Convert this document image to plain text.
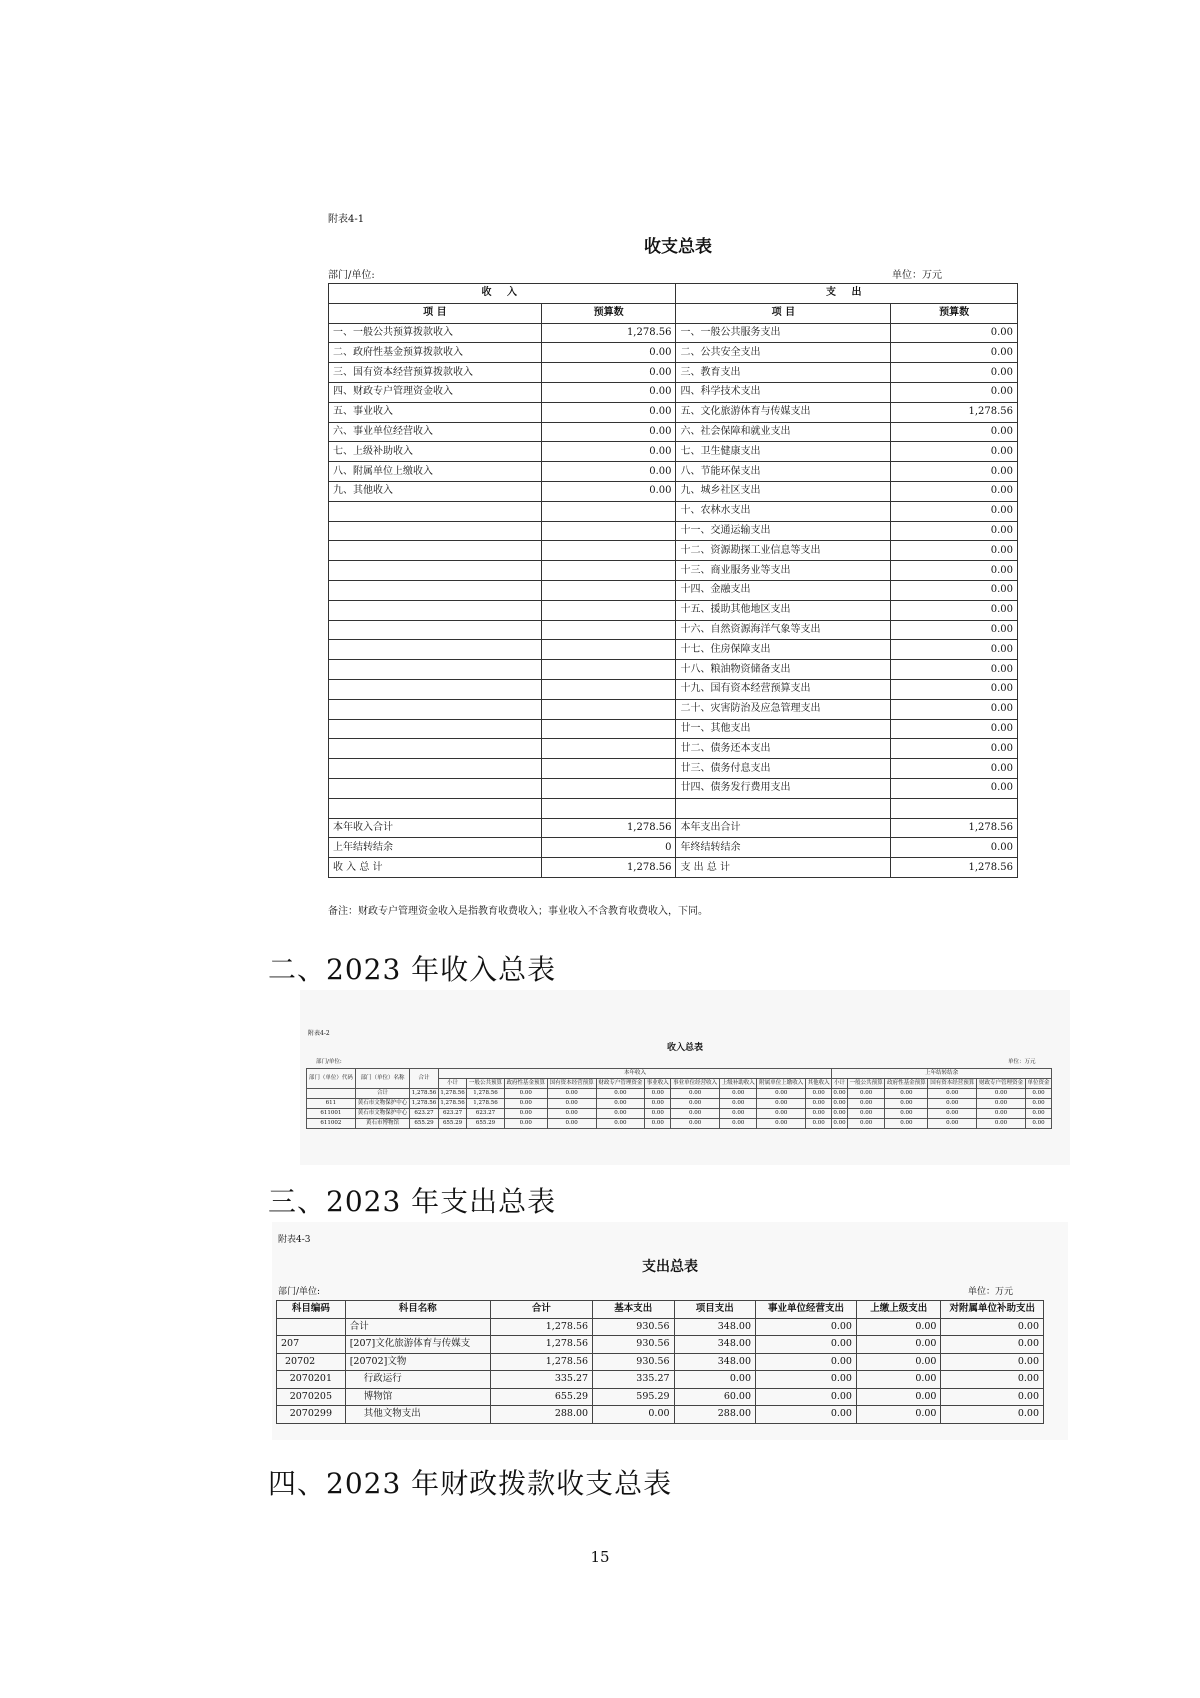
附表4-1
收支总表
部门/单位:	单位：万元
收 入		支 出	
项 目	预算数	项 目	预算数
一、一般公共预算拨款收入	1,278.56	一、一般公共服务支出	0.00
二、政府性基金预算拨款收入	0.00	二、公共安全支出	0.00
三、国有资本经营预算拨款收入	0.00	三、教育支出	0.00
四、财政专户管理资金收入	0.00	四、科学技术支出	0.00
五、事业收入	0.00	五、文化旅游体育与传媒支出	1,278.56
六、事业单位经营收入	0.00	六、社会保障和就业支出	0.00
七、上级补助收入	0.00	七、卫生健康支出	0.00
八、附属单位上缴收入	0.00	八、节能环保支出	0.00
九、其他收入	0.00	九、城乡社区支出	0.00
		十、农林水支出	0.00
		十一、交通运输支出	0.00
		十二、资源勘探工业信息等支出	0.00
		十三、商业服务业等支出	0.00
		十四、金融支出	0.00
		十五、援助其他地区支出	0.00
		十六、自然资源海洋气象等支出	0.00
		十七、住房保障支出	0.00
		十八、粮油物资储备支出	0.00
		十九、国有资本经营预算支出	0.00
		二十、灾害防治及应急管理支出	0.00
		廿一、其他支出	0.00
		廿二、债务还本支出	0.00
		廿三、债务付息支出	0.00
		廿四、债务发行费用支出	0.00

本年收入合计	1,278.56	本年支出合计	1,278.56
上年结转结余	0	年终结转结余	0.00
收 入 总 计	1,278.56	支 出 总 计	1,278.56
备注：财政专户管理资金收入是指教育收费收入；事业收入不含教育收费收入，下同。
二、2023 年收入总表
附表4-2
收入总表
部门/单位:	单位：万元
部门（单位）代码	部门（单位）名称	合计	本年收入										上年结转结余					
			小计	一般公共预算	政府性基金预算	国有资本经营预算	财政专户管理资金	事业收入	事业单位经营收入	上级补助收入	附属单位上缴收入	其他收入	小计	一般公共预算	政府性基金预算	国有资本经营预算	财政专户管理资金	单位资金
	合计	1,278.56	1,278.56	1,278.56	0.00	0.00	0.00	0.00	0.00	0.00	0.00	0.00	0.00	0.00	0.00	0.00	0.00	0.00
611	黄石市文物保护中心	1,278.56	1,278.56	1,278.56	0.00	0.00	0.00	0.00	0.00	0.00	0.00	0.00	0.00	0.00	0.00	0.00	0.00	0.00
611001	黄石市文物保护中心	623.27	623.27	623.27	0.00	0.00	0.00	0.00	0.00	0.00	0.00	0.00	0.00	0.00	0.00	0.00	0.00	0.00
611002	黄石市博物馆	655.29	655.29	655.29	0.00	0.00	0.00	0.00	0.00	0.00	0.00	0.00	0.00	0.00	0.00	0.00	0.00	0.00
三、2023 年支出总表
附表4-3
支出总表
部门/单位:	单位：万元
科目编码	科目名称	合计	基本支出	项目支出	事业单位经营支出	上缴上级支出	对附属单位补助支出
	合计	1,278.56	930.56	348.00	0.00	0.00	0.00
207	[207]文化旅游体育与传媒支	1,278.56	930.56	348.00	0.00	0.00	0.00
20702	[20702]文物	1,278.56	930.56	348.00	0.00	0.00	0.00
2070201	行政运行	335.27	335.27	0.00	0.00	0.00	0.00
2070205	博物馆	655.29	595.29	60.00	0.00	0.00	0.00
2070299	其他文物支出	288.00	0.00	288.00	0.00	0.00	0.00
四、2023 年财政拨款收支总表
15
